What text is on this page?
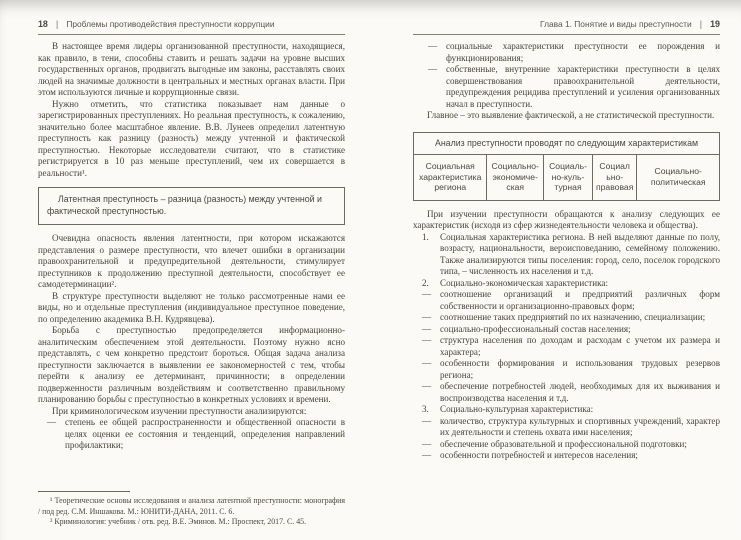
18 | Проблемы противодействия преступности коррупции

В настоящее время лидеры организованной преступности, находящиеся, как правило, в тени, способны ставить и решать задачи на уровне высших государственных органов, продвигать выгодные им законы, расставлять своих людей на значимые должности в центральных и местных органах власти. При этом используются личные и коррупционные связи.

Нужно отметить, что статистика показывает нам данные о зарегистрированных преступлениях. Но реальная преступность, к сожалению, значительно более масштабное явление. В.В. Лунеев определил латентную преступность как разницу (разность) между учтенной и фактической преступностью. Некоторые исследователи считают, что в статистике регистрируется в 10 раз меньше преступлений, чем их совершается в реальности¹.

Латентная преступность – разница (разность) между учтенной и фактической преступностью.

Очевидна опасность явления латентности, при котором искажаются представления о размере преступности, что влечет ошибки в организации правоохранительной и предупредительной деятельности, стимулирует преступников к продолжению преступной деятельности, способствует ее самодетерминации².

В структуре преступности выделяют не только рассмотренные нами ее виды, но и отдельные преступления (индивидуальное преступное поведение, по определению академика В.Н. Кудрявцева).

Борьба с преступностью предопределяется информационно-аналитическим обеспечением этой деятельности. Поэтому нужно ясно представлять, с чем конкретно предстоит бороться. Общая задача анализа преступности заключается в выявлении ее закономерностей с тем, чтобы перейти к анализу ее детерминант, причинности; в определении подверженности различным воздействиям и соответственно правильному планированию борьбы с преступностью в конкретных условиях и времени.

При криминологическом изучении преступности анализируются:

— степень ее общей распространенности и общественной опасности в целях оценки ее состояния и тенденций, определения направлений профилактики;

¹ Теоретические основы исследования и анализа латентной преступности: монография / под ред. С.М. Иншакова. М.: ЮНИТИ-ДАНА, 2011. С. 6.

² Криминология: учебник / отв. ред. В.Е. Эминов. М.: Проспект, 2017. С. 45.

Глава 1. Понятие и виды преступности | 19
— социальные характеристики преступности ее порождения и функционирования;
— собственные, внутренние характеристики преступности в целях совершенствования правоохранительной деятельности, предупреждения рецидива преступлений и усиления организованных начал в преступности.

Главное – это выявление фактической, а не статистической преступности.

Анализ преступности проводят по следующим характеристикам
Социальная характеристика региона	Социально-экономическая	Социально-культурная	Социально-правовая	Социально-политическая

При изучении преступности обращаются к анализу следующих ее характеристик (исходя из сфер жизнедеятельности человека и общества).

1.	Социальная характеристика региона. В ней выделяют данные по полу, возрасту, национальности, вероисповеданию, семейному положению. Также анализируются типы поселения: город, село, поселок городского типа, – численность их населения и т.д.
2.	Социально-экономическая характеристика:
— соотношение организаций и предприятий различных форм собственности и организационно-правовых форм;
— соотношение таких предприятий по их назначению, специализации;
— социально-профессиональный состав населения;
— структура населения по доходам и расходам с учетом их размера и характера;
— особенности формирования и использования трудовых резервов региона;
— обеспечение потребностей людей, необходимых для их выживания и воспроизводства населения и т.д.
3.	Социально-культурная характеристика:
— количество, структура культурных и спортивных учреждений, характер их деятельности и степень охвата ими населения;
— обеспечение образовательной и профессиональной подготовки;
— особенности потребностей и интересов населения;
